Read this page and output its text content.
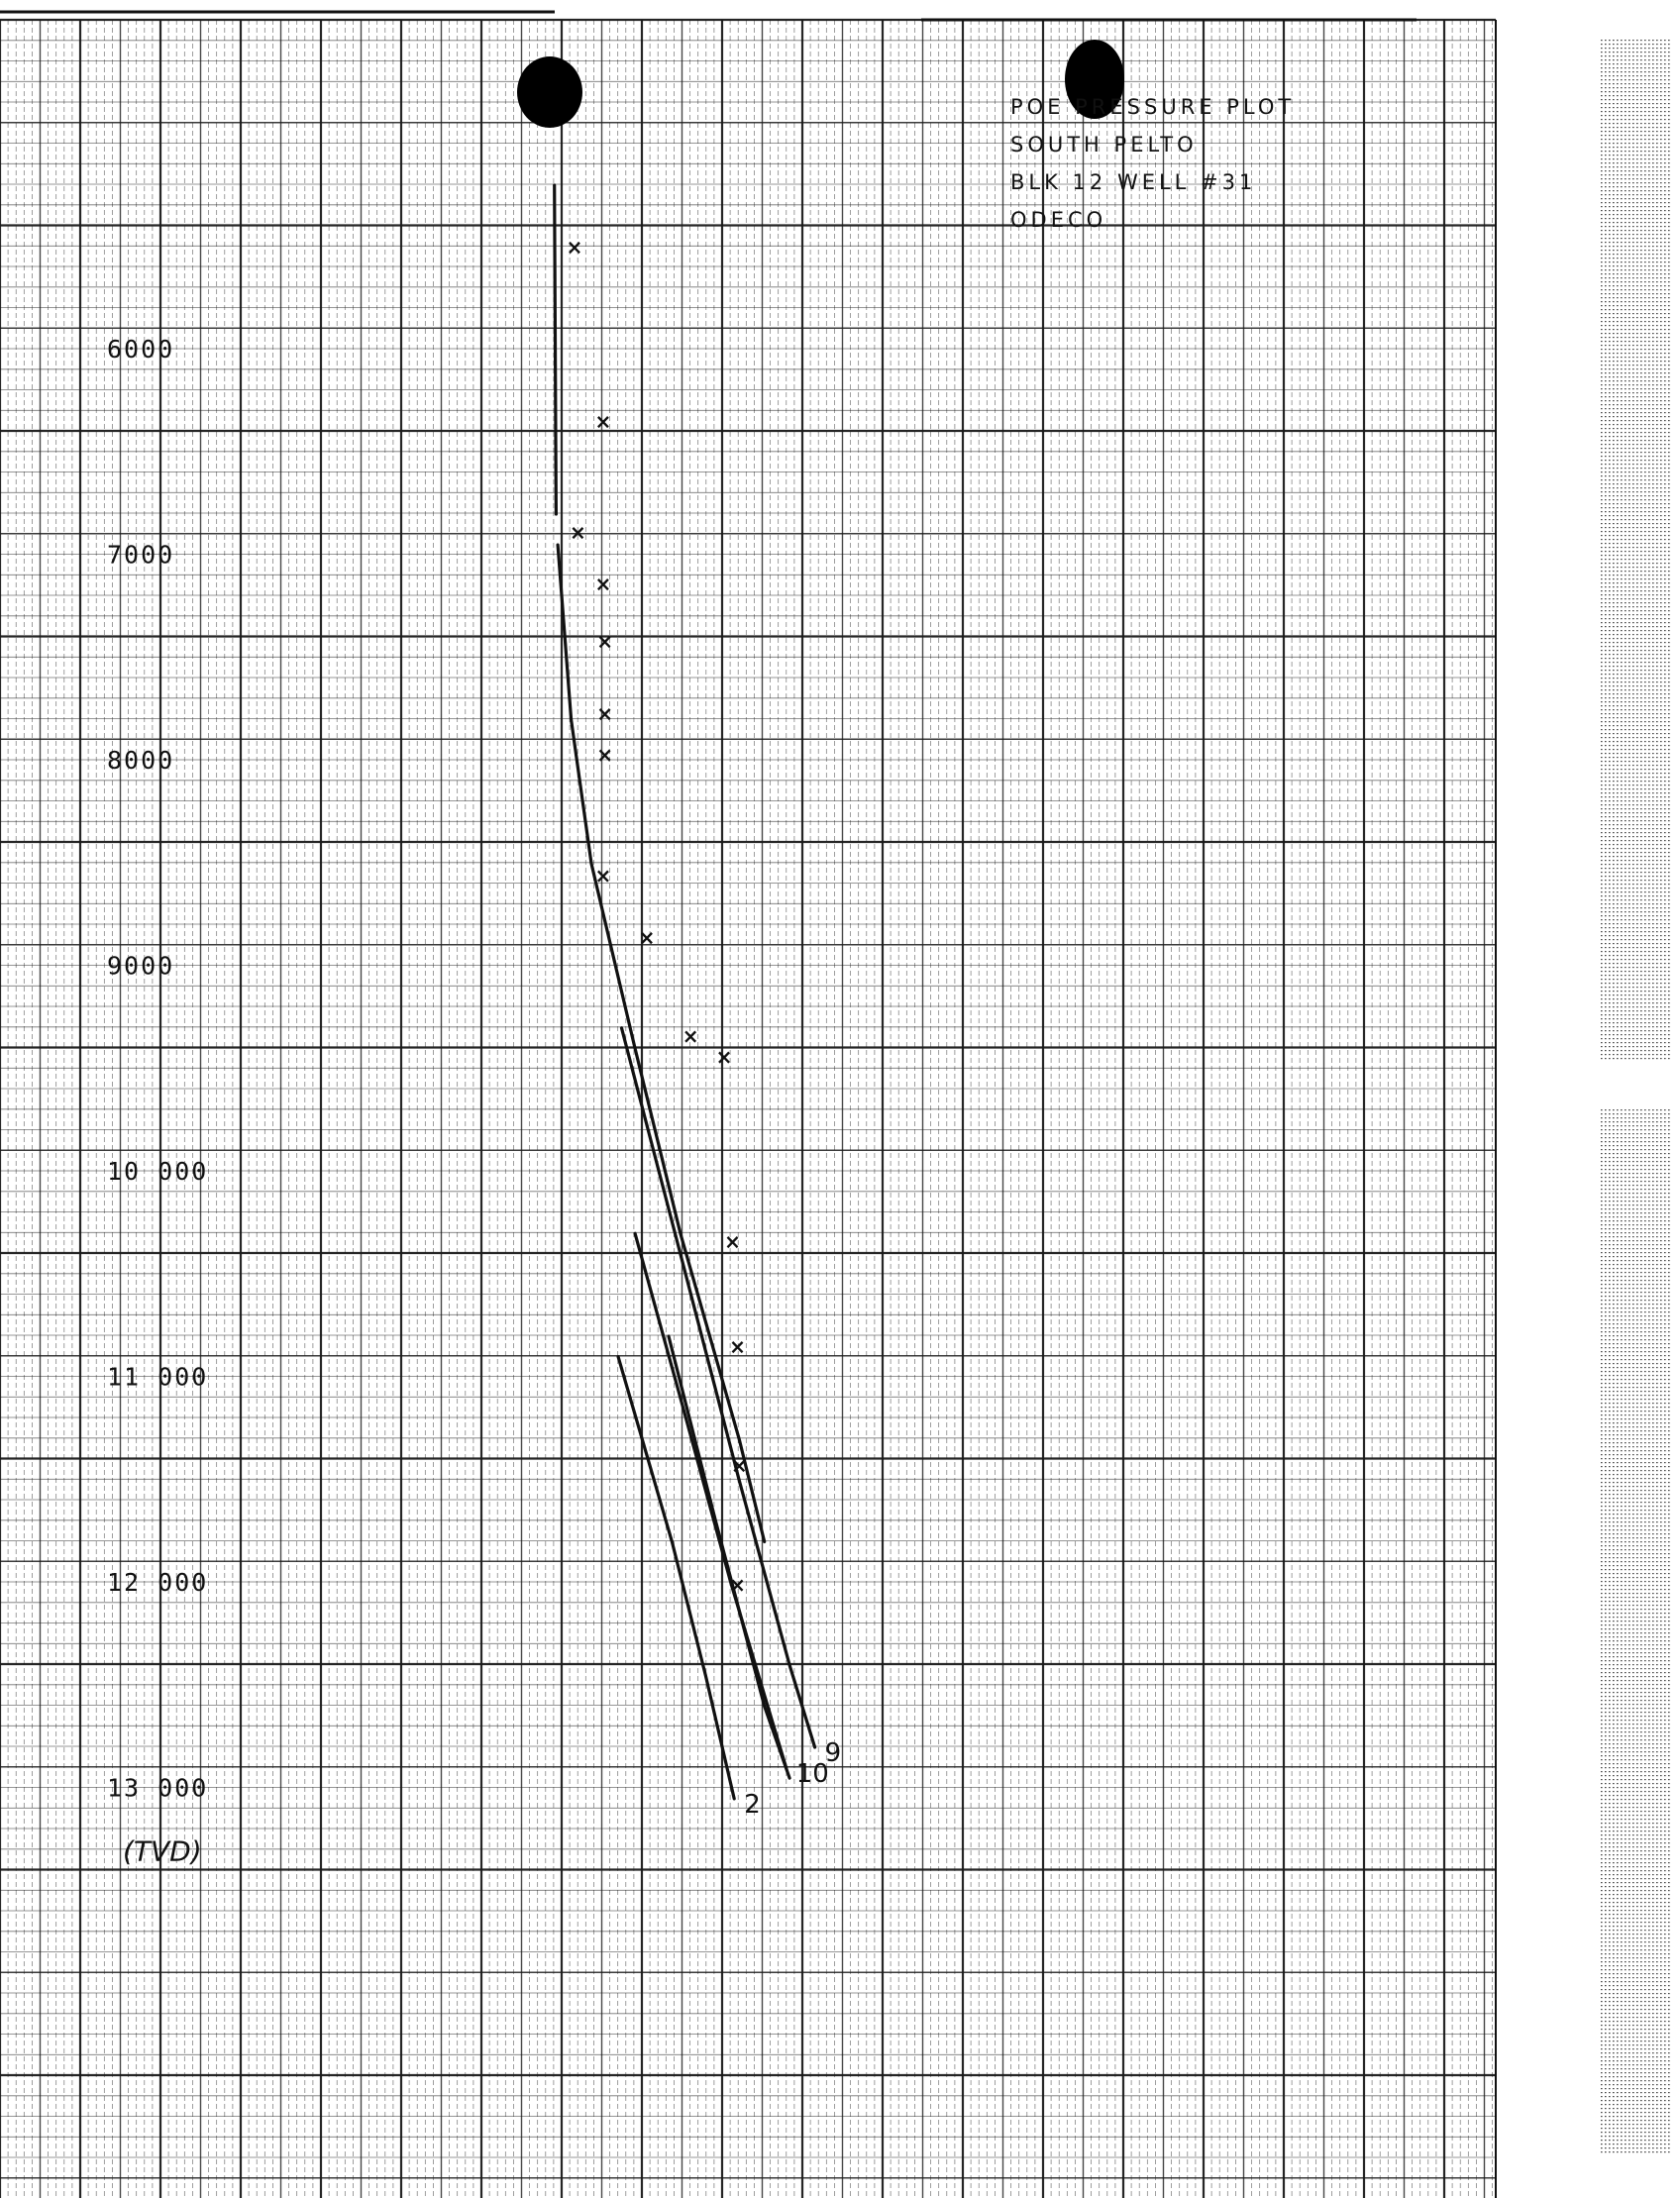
POE PRESSURE PLOT
SOUTH PELTO
BLK 12 WELL #31
ODECO
6000
7000
8000
9000
10 000
11 000
12 000
13 000
(TVD)
×
×
×
×
×
×
×
×
×
×
×
×
×
×
×
9
10
2
